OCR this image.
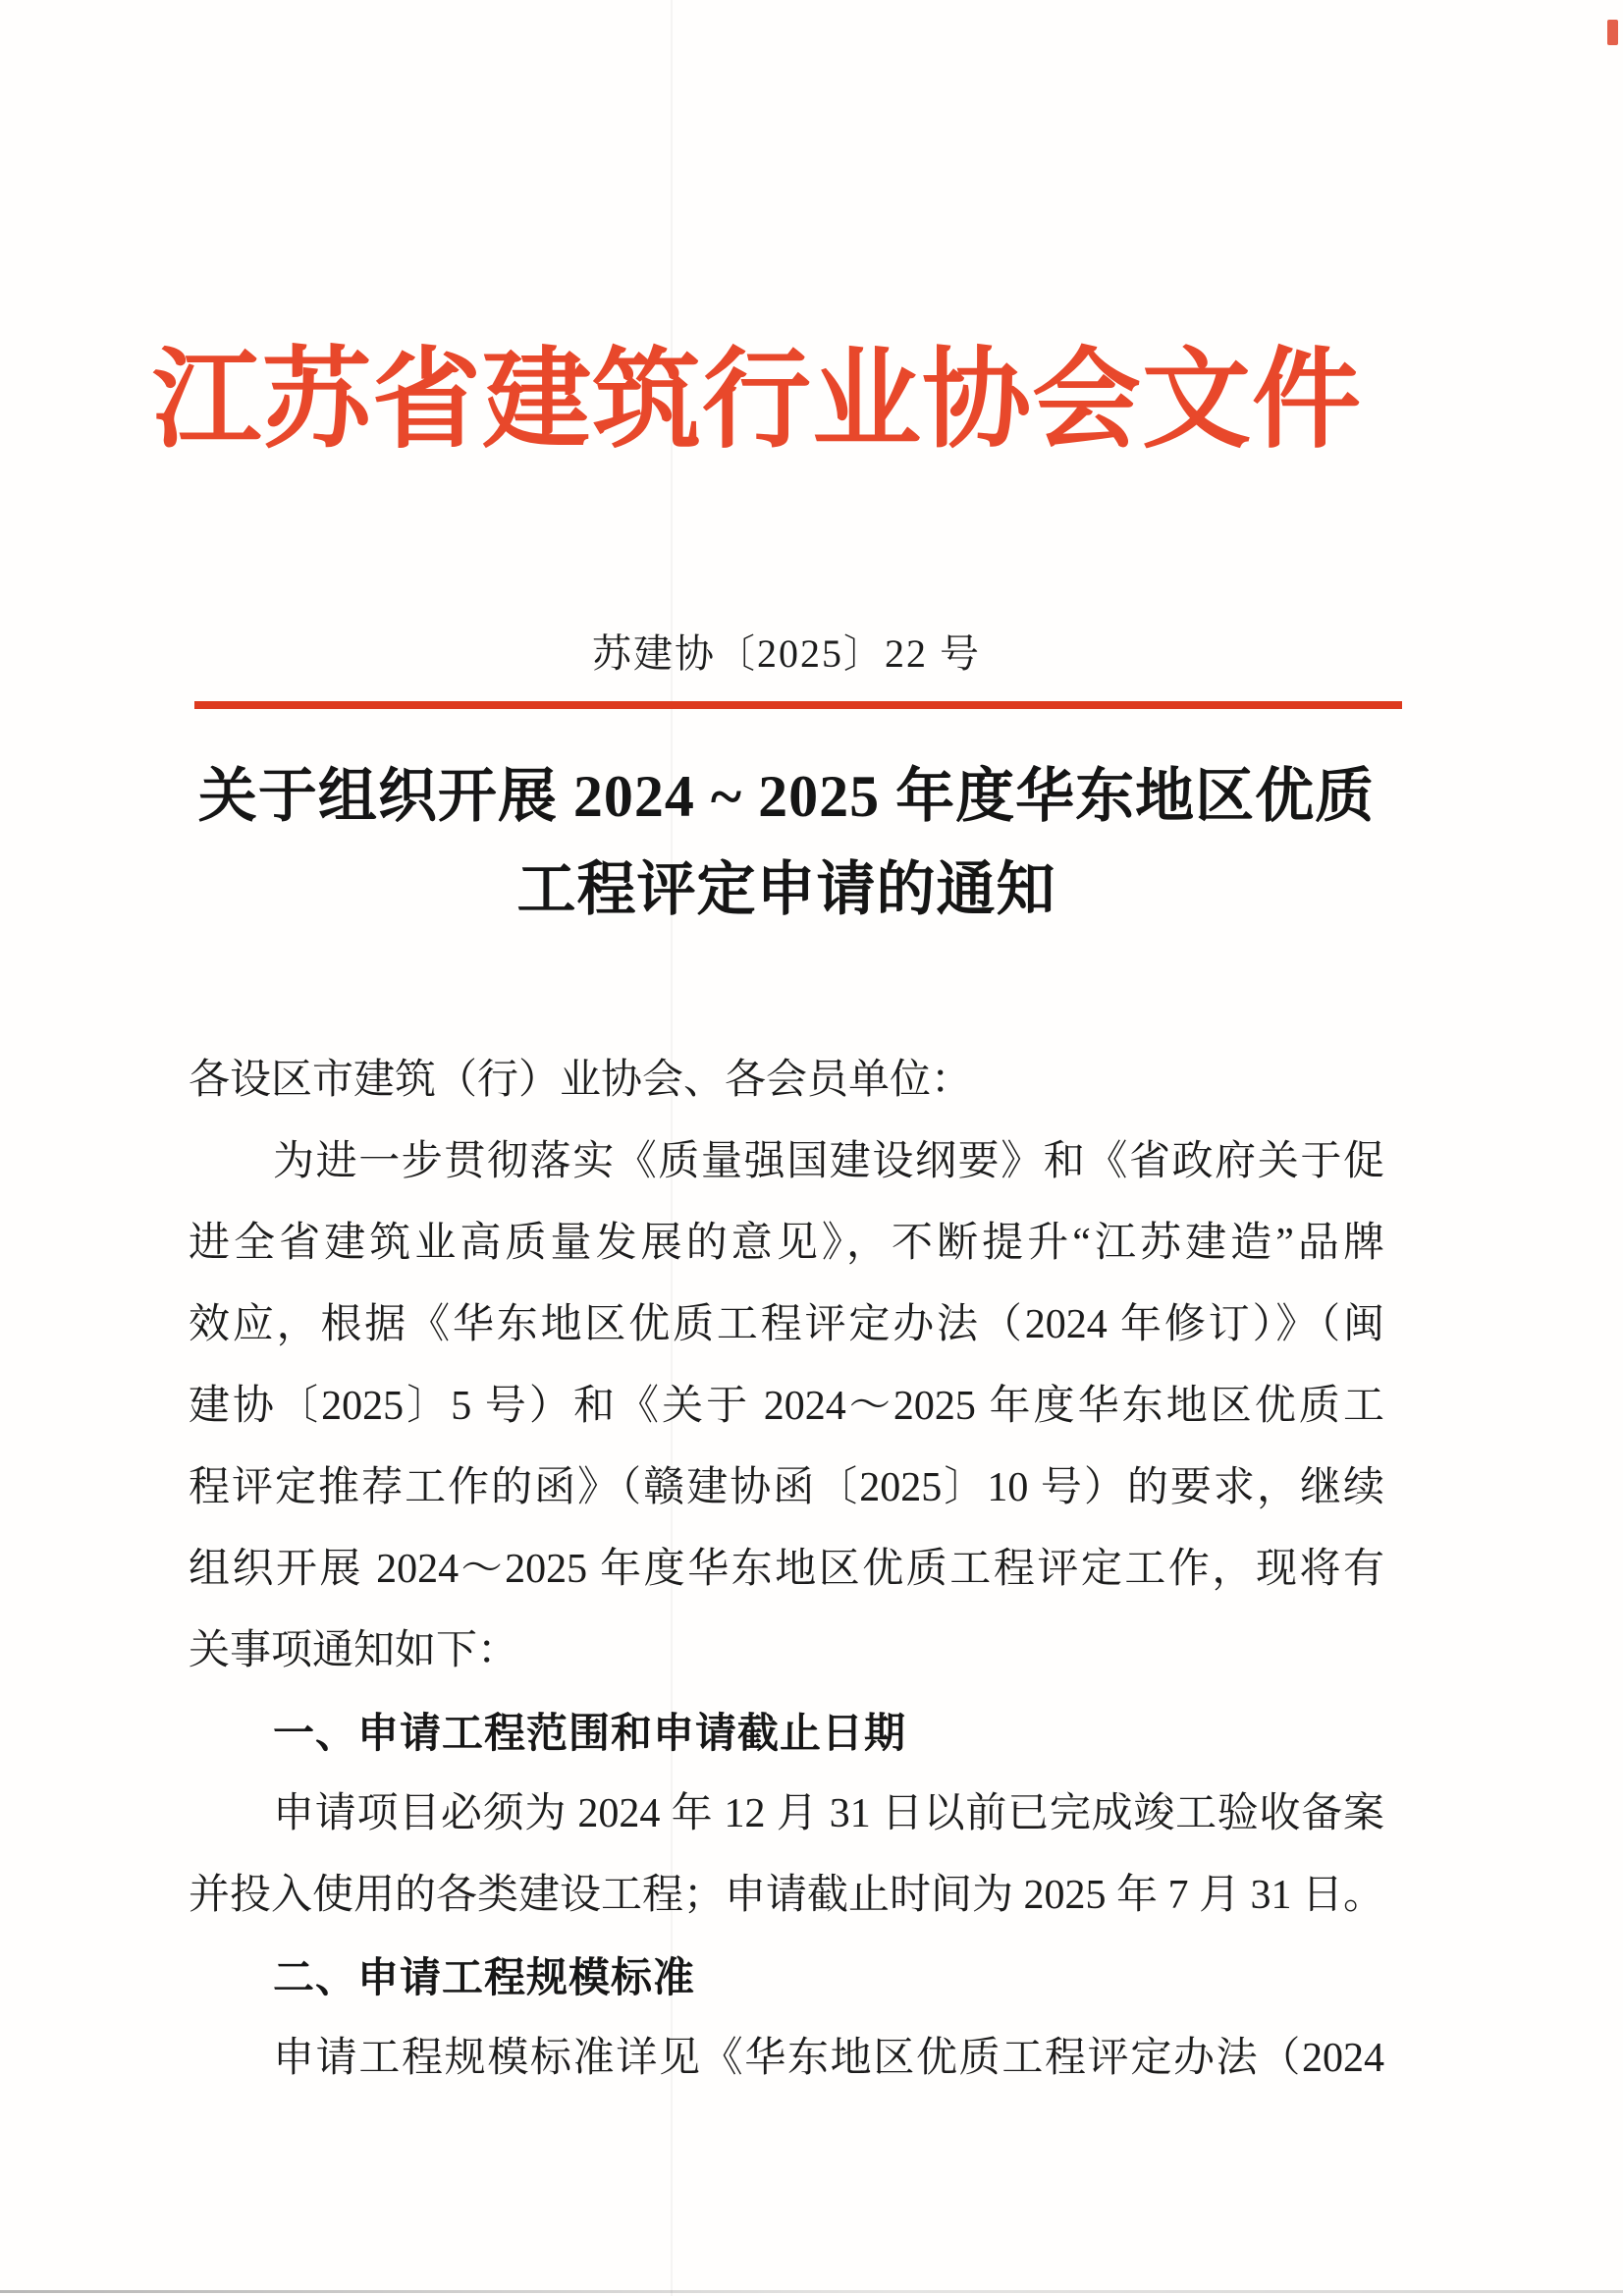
江苏省建筑行业协会文件
苏建协〔2025〕22 号
关于组织开展 2024 ~ 2025 年度华东地区优质
工程评定申请的通知
各设区市建筑（行）业协会、各会员单位：
为进一步贯彻落实《质量强国建设纲要》和《省政府关于促
进全省建筑业高质量发展的意见》，不断提升“江苏建造”品牌
效应，根据《华东地区优质工程评定办法（2024 年修订）》（闽
建协〔2025〕5 号）和《关于 2024～2025 年度华东地区优质工
程评定推荐工作的函》（赣建协函〔2025〕10 号）的要求，继续
组织开展 2024～2025 年度华东地区优质工程评定工作，现将有
关事项通知如下：
一、申请工程范围和申请截止日期
申请项目必须为 2024 年 12 月 31 日以前已完成竣工验收备案
并投入使用的各类建设工程；申请截止时间为 2025 年 7 月 31 日。
二、申请工程规模标准
申请工程规模标准详见《华东地区优质工程评定办法（2024
